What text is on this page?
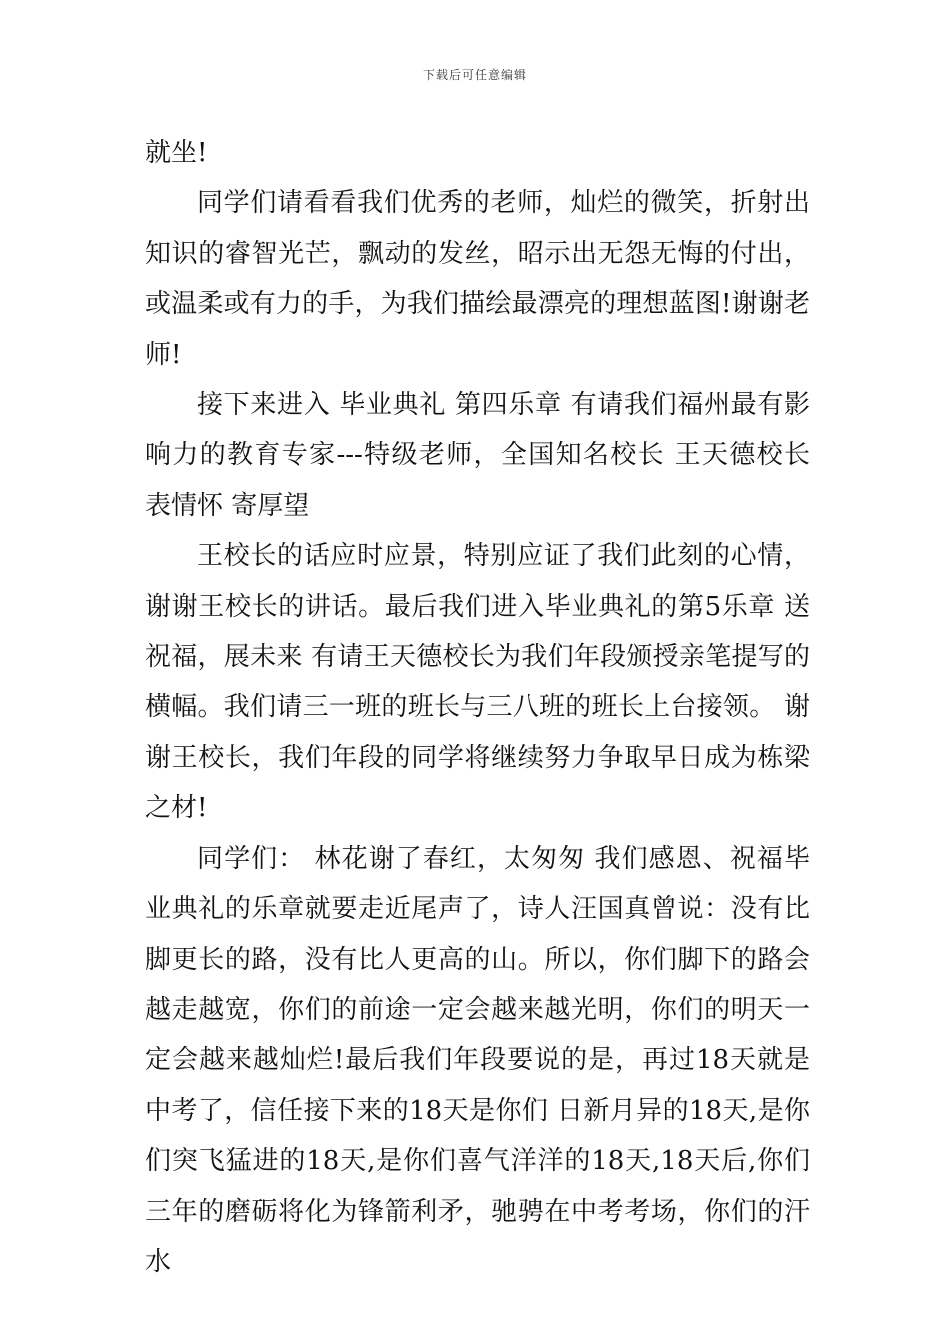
下载后可任意编辑

就坐!

同学们请看看我们优秀的老师，灿烂的微笑，折射出知识的睿智光芒，飘动的发丝，昭示出无怨无悔的付出，或温柔或有力的手，为我们描绘最漂亮的理想蓝图!谢谢老师!

接下来进入 毕业典礼 第四乐章 有请我们福州最有影响力的教育专家---特级老师，全国知名校长 王天德校长 表情怀 寄厚望

王校长的话应时应景，特别应证了我们此刻的心情，谢谢王校长的讲话。最后我们进入毕业典礼的第5乐章 送祝福，展未来 有请王天德校长为我们年段颁授亲笔提写的横幅。我们请三一班的班长与三八班的班长上台接领。 谢谢王校长，我们年段的同学将继续努力争取早日成为栋梁之材!

同学们： 林花谢了春红，太匆匆 我们感恩、祝福毕业典礼的乐章就要走近尾声了，诗人汪国真曾说：没有比脚更长的路，没有比人更高的山。所以，你们脚下的路会越走越宽，你们的前途一定会越来越光明，你们的明天一定会越来越灿烂!最后我们年段要说的是，再过18天就是中考了，信任接下来的18天是你们 日新月异的18天,是你们突飞猛进的18天,是你们喜气洋洋的18天,18天后,你们三年的磨砺将化为锋箭利矛，驰骋在中考考场，你们的汗水
